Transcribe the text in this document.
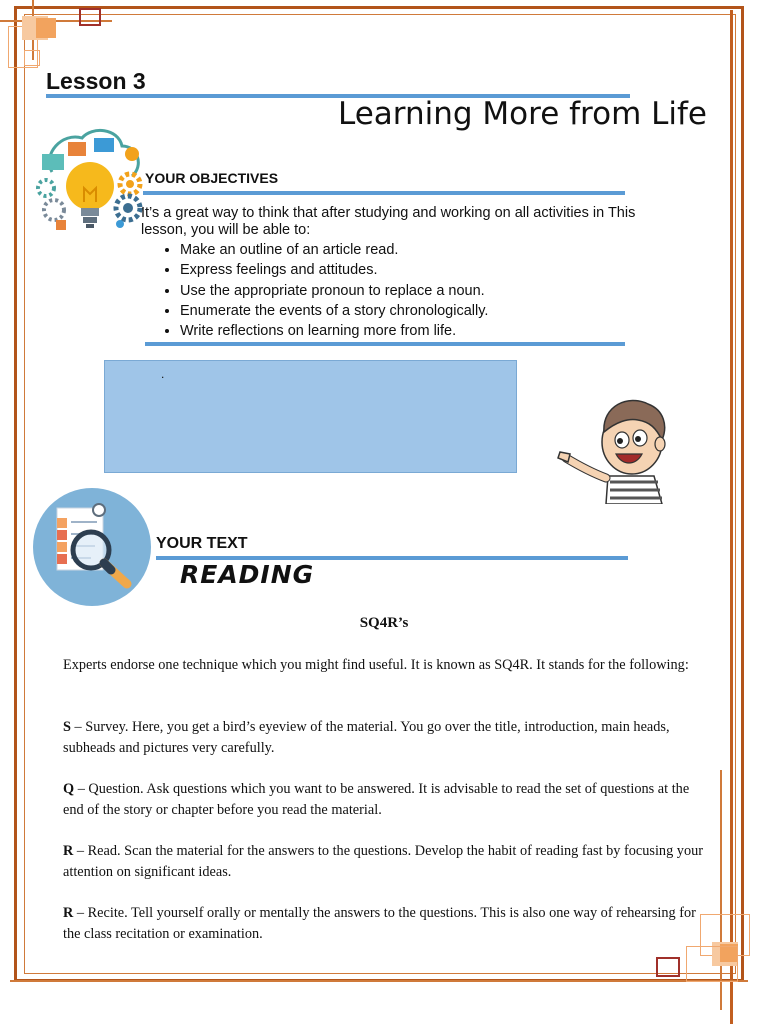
Lesson 3
Learning More from Life
YOUR OBJECTIVES
It’s a great way to think that after studying and working on all activities in This lesson, you will be able to:
• Make an outline of an article read.
• Express feelings and attitudes.
• Use the appropriate pronoun to replace a noun.
• Enumerate the events of a story chronologically.
• Write reflections on learning more from life.
.
YOUR TEXT
READING
SQ4R’s
Experts endorse one technique which you might find useful. It is known as SQ4R. It stands for the following:
S – Survey. Here, you get a bird’s eyeview of the material. You go over the title, introduction, main heads, subheads and pictures very carefully.
Q – Question. Ask questions which you want to be answered. It is advisable to read the set of questions at the end of the story or chapter before you read the material.
R – Read. Scan the material for the answers to the questions. Develop the habit of reading fast by focusing your attention on significant ideas.
R – Recite. Tell yourself orally or mentally the answers to the questions. This is also one way of rehearsing for the class recitation or examination.
